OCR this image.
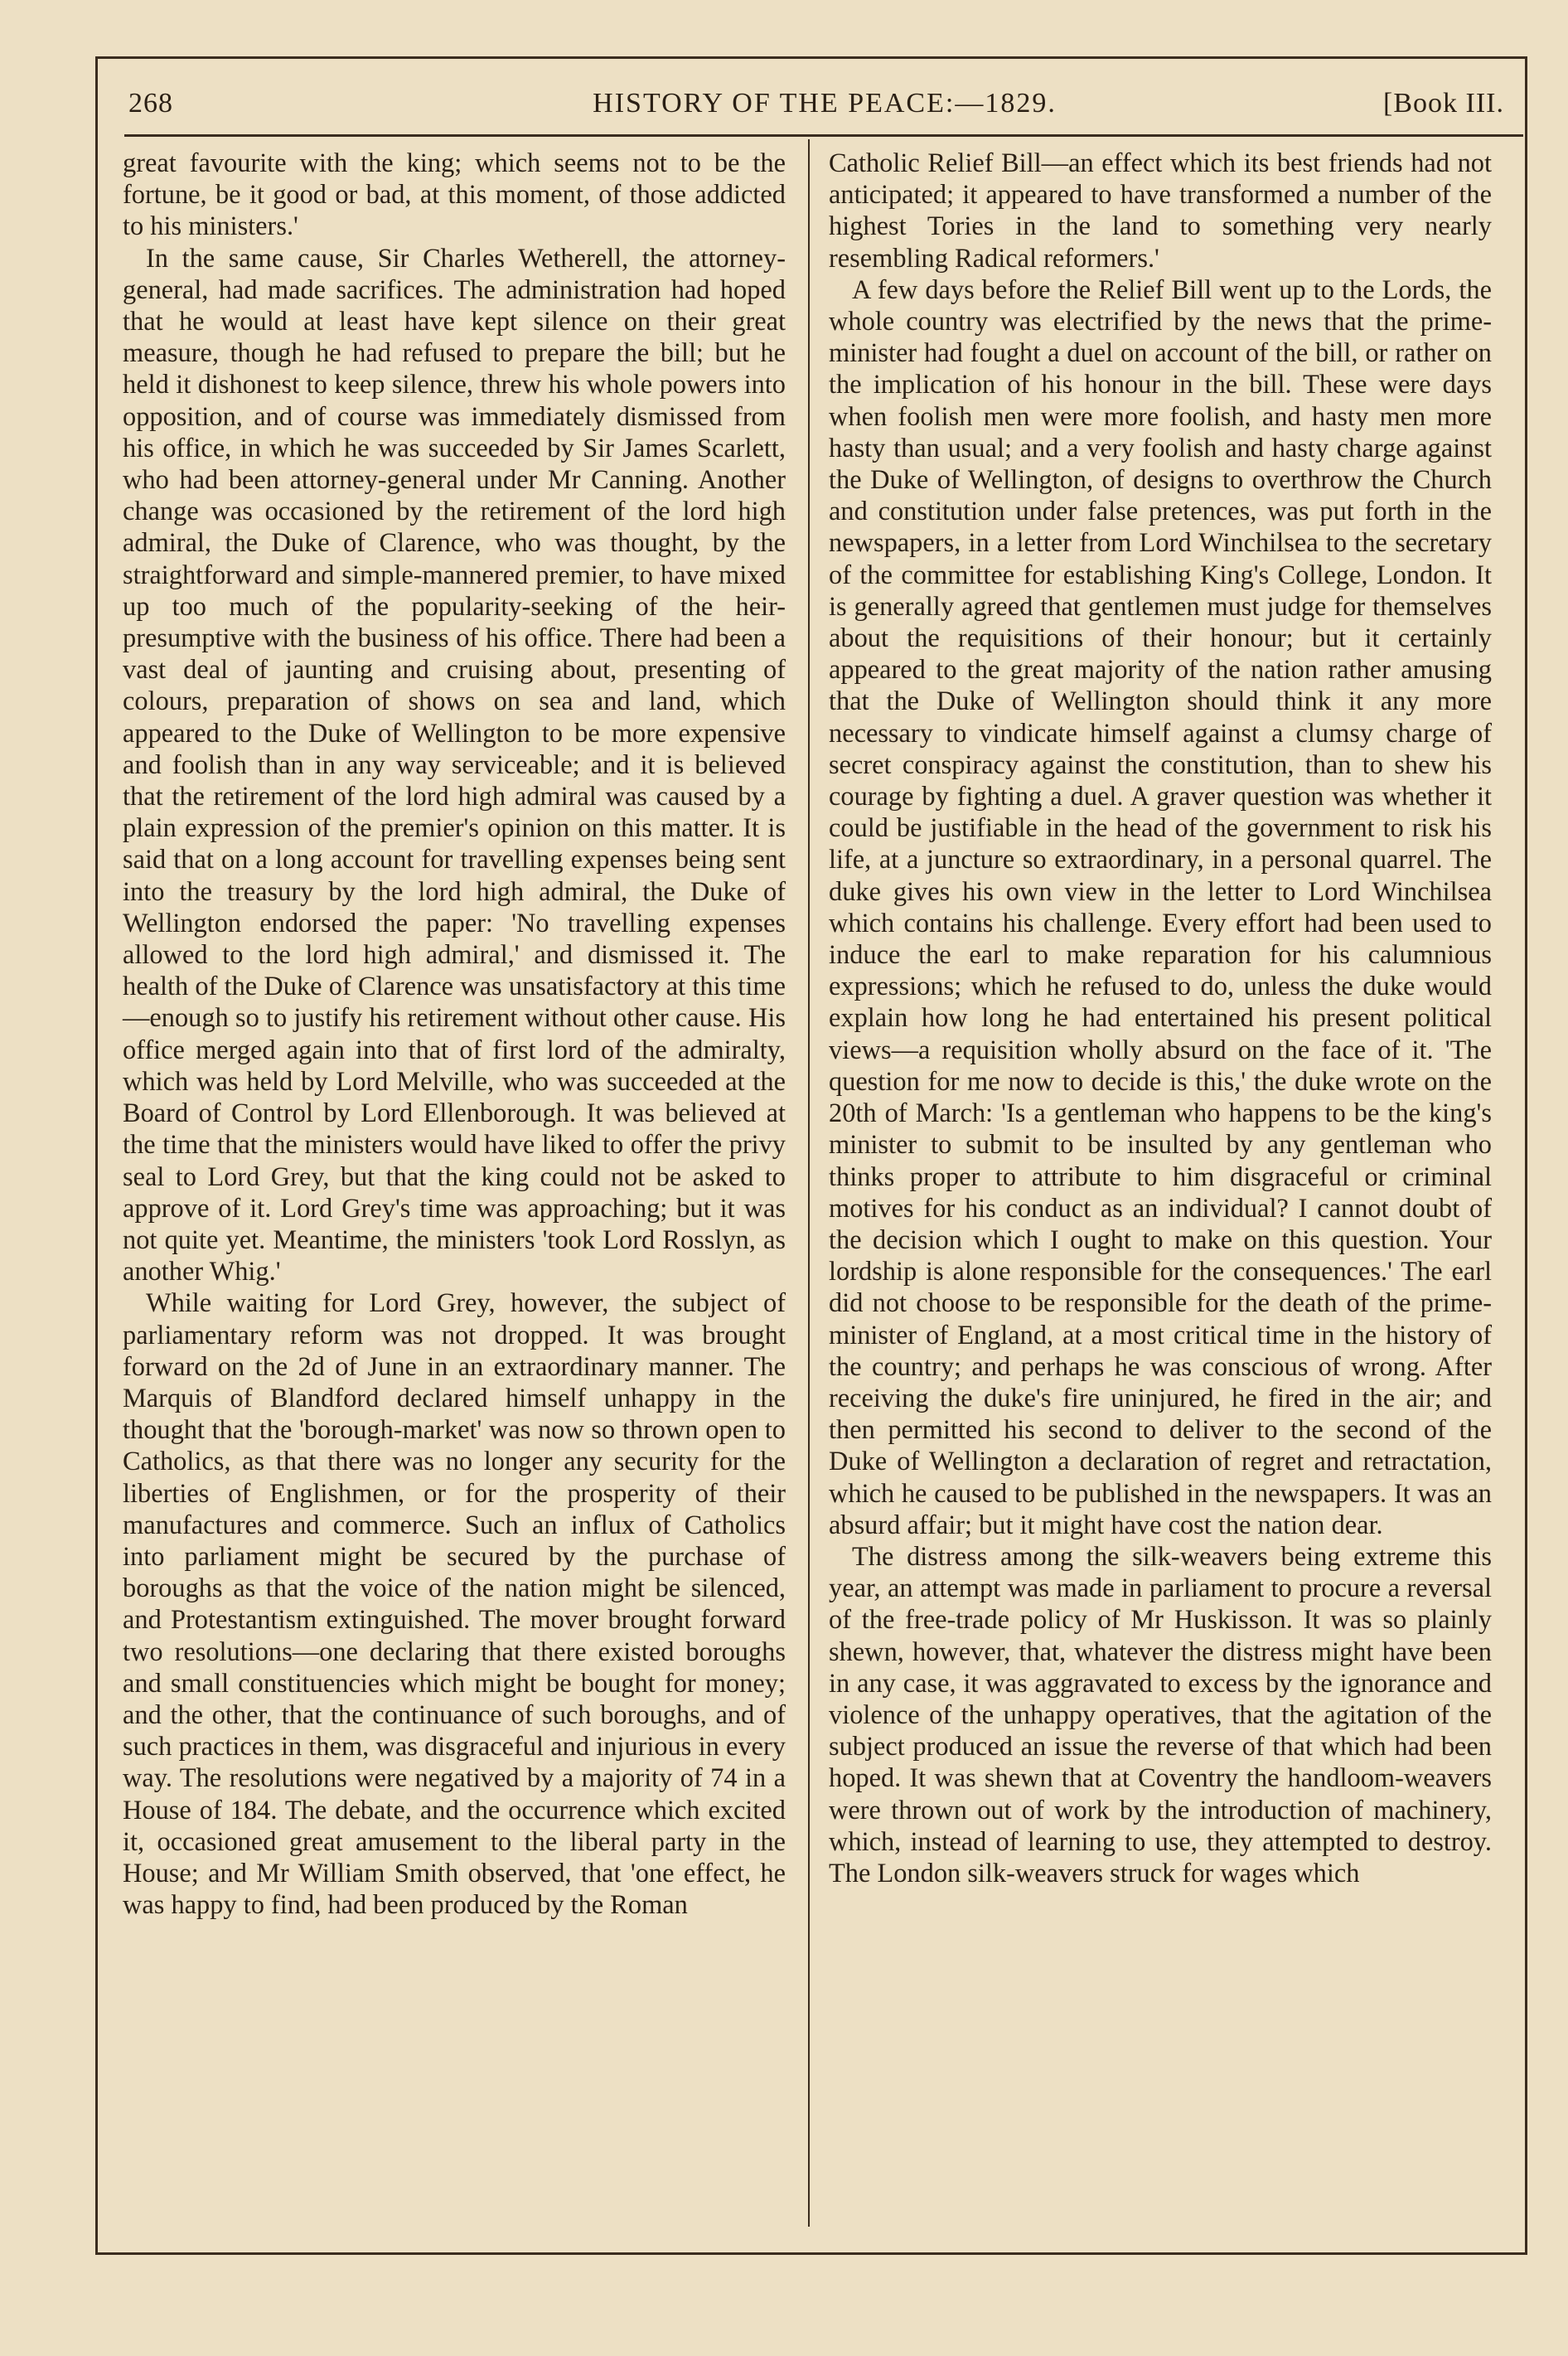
268	HISTORY OF THE PEACE:—1829.	[Book III.

great favourite with the king; which seems not to be the fortune, be it good or bad, at this moment, of those addicted to his ministers.'

In the same cause, Sir Charles Wetherell, the attorney-general, had made sacrifices. The administration had hoped that he would at least have kept silence on their great measure, though he had refused to prepare the bill; but he held it dishonest to keep silence, threw his whole powers into opposition, and of course was immediately dismissed from his office, in which he was succeeded by Sir James Scarlett, who had been attorney-general under Mr Canning. Another change was occasioned by the retirement of the lord high admiral, the Duke of Clarence, who was thought, by the straightforward and simple-mannered premier, to have mixed up too much of the popularity-seeking of the heir-presumptive with the business of his office. There had been a vast deal of jaunting and cruising about, presenting of colours, preparation of shows on sea and land, which appeared to the Duke of Wellington to be more expensive and foolish than in any way serviceable; and it is believed that the retirement of the lord high admiral was caused by a plain expression of the premier's opinion on this matter. It is said that on a long account for travelling expenses being sent into the treasury by the lord high admiral, the Duke of Wellington endorsed the paper: 'No travelling expenses allowed to the lord high admiral,' and dismissed it. The health of the Duke of Clarence was unsatisfactory at this time—enough so to justify his retirement without other cause. His office merged again into that of first lord of the admiralty, which was held by Lord Melville, who was succeeded at the Board of Control by Lord Ellenborough. It was believed at the time that the ministers would have liked to offer the privy seal to Lord Grey, but that the king could not be asked to approve of it. Lord Grey's time was approaching; but it was not quite yet. Meantime, the ministers 'took Lord Rosslyn, as another Whig.'

While waiting for Lord Grey, however, the subject of parliamentary reform was not dropped. It was brought forward on the 2d of June in an extraordinary manner. The Marquis of Blandford declared himself unhappy in the thought that the 'borough-market' was now so thrown open to Catholics, as that there was no longer any security for the liberties of Englishmen, or for the prosperity of their manufactures and commerce. Such an influx of Catholics into parliament might be secured by the purchase of boroughs as that the voice of the nation might be silenced, and Protestantism extinguished. The mover brought forward two resolutions—one declaring that there existed boroughs and small constituencies which might be bought for money; and the other, that the continuance of such boroughs, and of such practices in them, was disgraceful and injurious in every way. The resolutions were negatived by a majority of 74 in a House of 184. The debate, and the occurrence which excited it, occasioned great amusement to the liberal party in the House; and Mr William Smith observed, that 'one effect, he was happy to find, had been produced by the Roman

Catholic Relief Bill—an effect which its best friends had not anticipated; it appeared to have transformed a number of the highest Tories in the land to something very nearly resembling Radical reformers.'

A few days before the Relief Bill went up to the Lords, the whole country was electrified by the news that the prime-minister had fought a duel on account of the bill, or rather on the implication of his honour in the bill. These were days when foolish men were more foolish, and hasty men more hasty than usual; and a very foolish and hasty charge against the Duke of Wellington, of designs to overthrow the Church and constitution under false pretences, was put forth in the newspapers, in a letter from Lord Winchilsea to the secretary of the committee for establishing King's College, London. It is generally agreed that gentlemen must judge for themselves about the requisitions of their honour; but it certainly appeared to the great majority of the nation rather amusing that the Duke of Wellington should think it any more necessary to vindicate himself against a clumsy charge of secret conspiracy against the constitution, than to shew his courage by fighting a duel. A graver question was whether it could be justifiable in the head of the government to risk his life, at a juncture so extraordinary, in a personal quarrel. The duke gives his own view in the letter to Lord Winchilsea which contains his challenge. Every effort had been used to induce the earl to make reparation for his calumnious expressions; which he refused to do, unless the duke would explain how long he had entertained his present political views—a requisition wholly absurd on the face of it. 'The question for me now to decide is this,' the duke wrote on the 20th of March: 'Is a gentleman who happens to be the king's minister to submit to be insulted by any gentleman who thinks proper to attribute to him disgraceful or criminal motives for his conduct as an individual? I cannot doubt of the decision which I ought to make on this question. Your lordship is alone responsible for the consequences.' The earl did not choose to be responsible for the death of the prime-minister of England, at a most critical time in the history of the country; and perhaps he was conscious of wrong. After receiving the duke's fire uninjured, he fired in the air; and then permitted his second to deliver to the second of the Duke of Wellington a declaration of regret and retractation, which he caused to be published in the newspapers. It was an absurd affair; but it might have cost the nation dear.

The distress among the silk-weavers being extreme this year, an attempt was made in parliament to procure a reversal of the free-trade policy of Mr Huskisson. It was so plainly shewn, however, that, whatever the distress might have been in any case, it was aggravated to excess by the ignorance and violence of the unhappy operatives, that the agitation of the subject produced an issue the reverse of that which had been hoped. It was shewn that at Coventry the handloom-weavers were thrown out of work by the introduction of machinery, which, instead of learning to use, they attempted to destroy. The London silk-weavers struck for wages which
